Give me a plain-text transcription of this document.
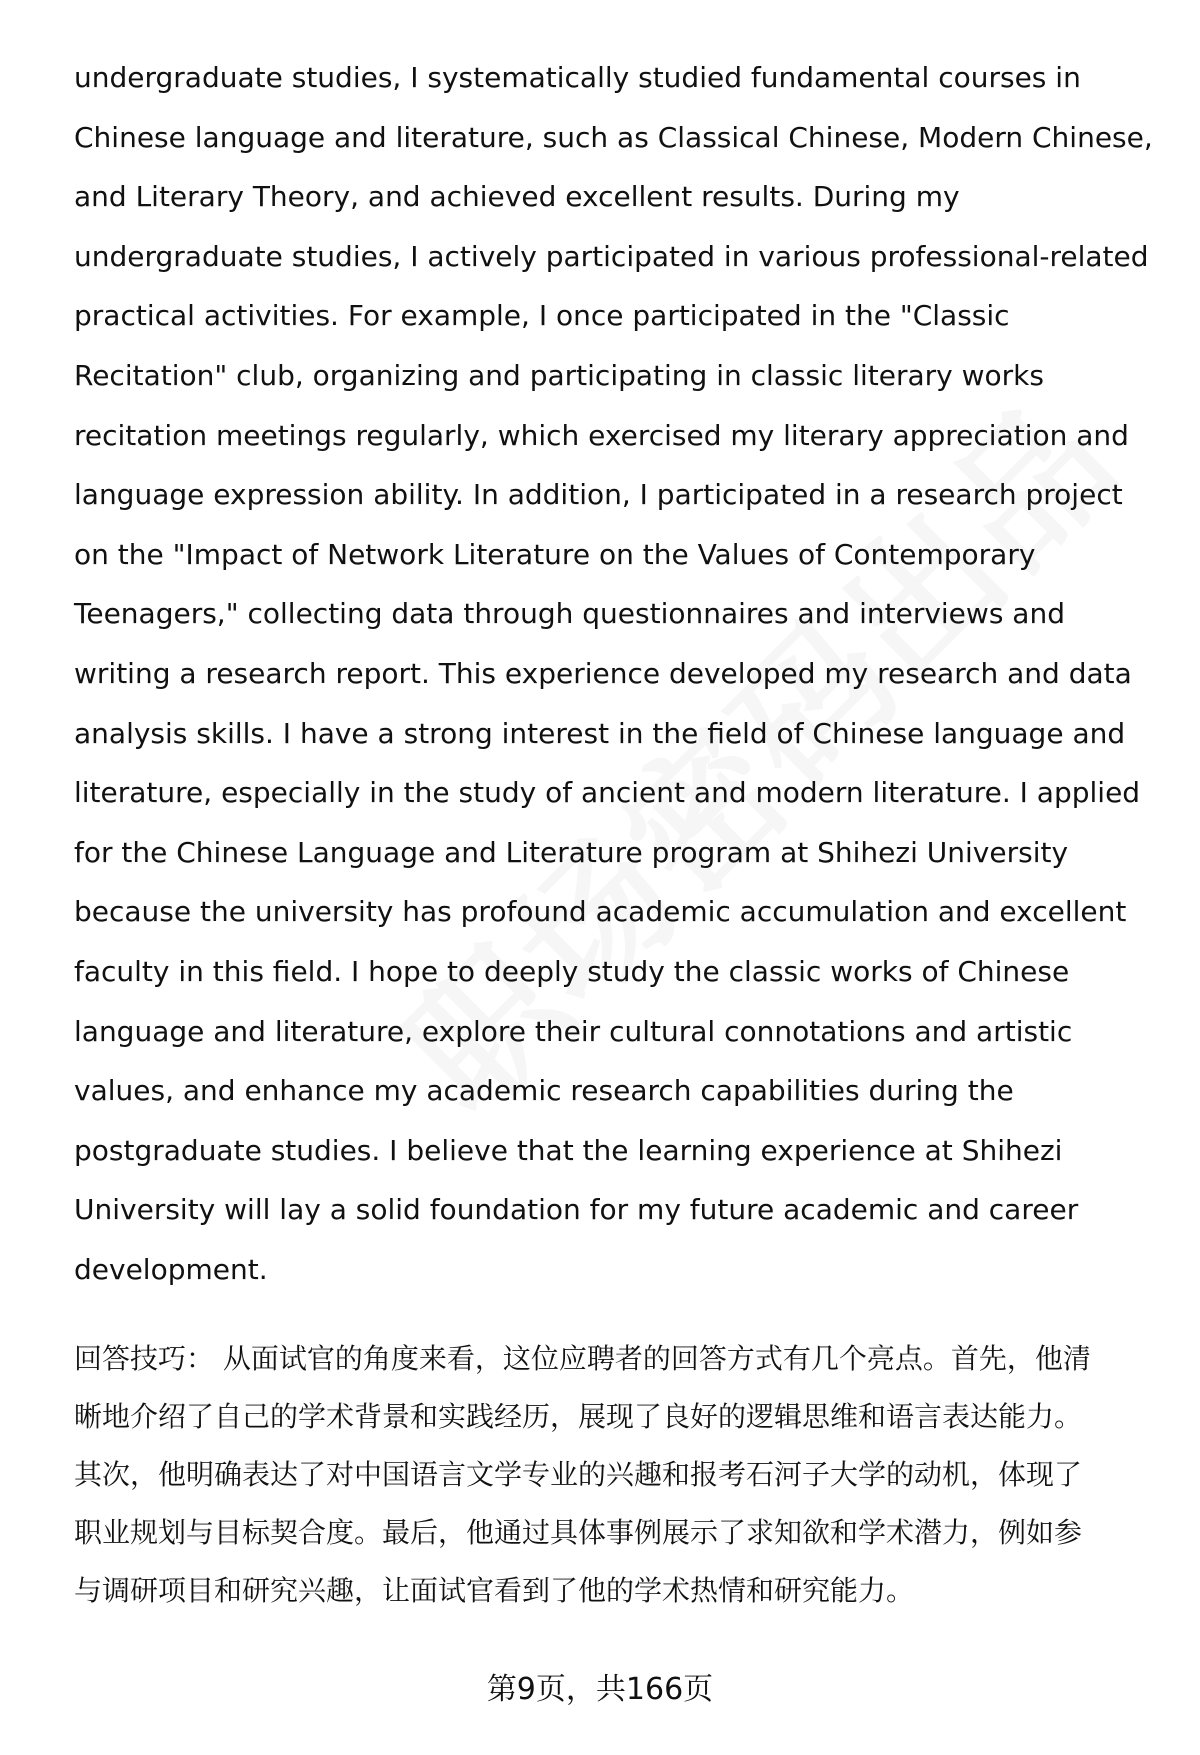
undergraduate studies, I systematically studied fundamental courses in
Chinese language and literature, such as Classical Chinese, Modern Chinese,
and Literary Theory, and achieved excellent results. During my
undergraduate studies, I actively participated in various professional-related
practical activities. For example, I once participated in the "Classic
Recitation" club, organizing and participating in classic literary works
recitation meetings regularly, which exercised my literary appreciation and
language expression ability. In addition, I participated in a research project
on the "Impact of Network Literature on the Values of Contemporary
Teenagers," collecting data through questionnaires and interviews and
writing a research report. This experience developed my research and data
analysis skills. I have a strong interest in the field of Chinese language and
literature, especially in the study of ancient and modern literature. I applied
for the Chinese Language and Literature program at Shihezi University
because the university has profound academic accumulation and excellent
faculty in this field. I hope to deeply study the classic works of Chinese
language and literature, explore their cultural connotations and artistic
values, and enhance my academic research capabilities during the
postgraduate studies. I believe that the learning experience at Shihezi
University will lay a solid foundation for my future academic and career
development.
回答技巧： 从面试官的角度来看，这位应聘者的回答方式有几个亮点。首先，他清
晰地介绍了自己的学术背景和实践经历，展现了良好的逻辑思维和语言表达能力。
其次，他明确表达了对中国语言文学专业的兴趣和报考石河子大学的动机，体现了
职业规划与目标契合度。最后，他通过具体事例展示了求知欲和学术潜力，例如参
与调研项目和研究兴趣，让面试官看到了他的学术热情和研究能力。
第9页，共166页
